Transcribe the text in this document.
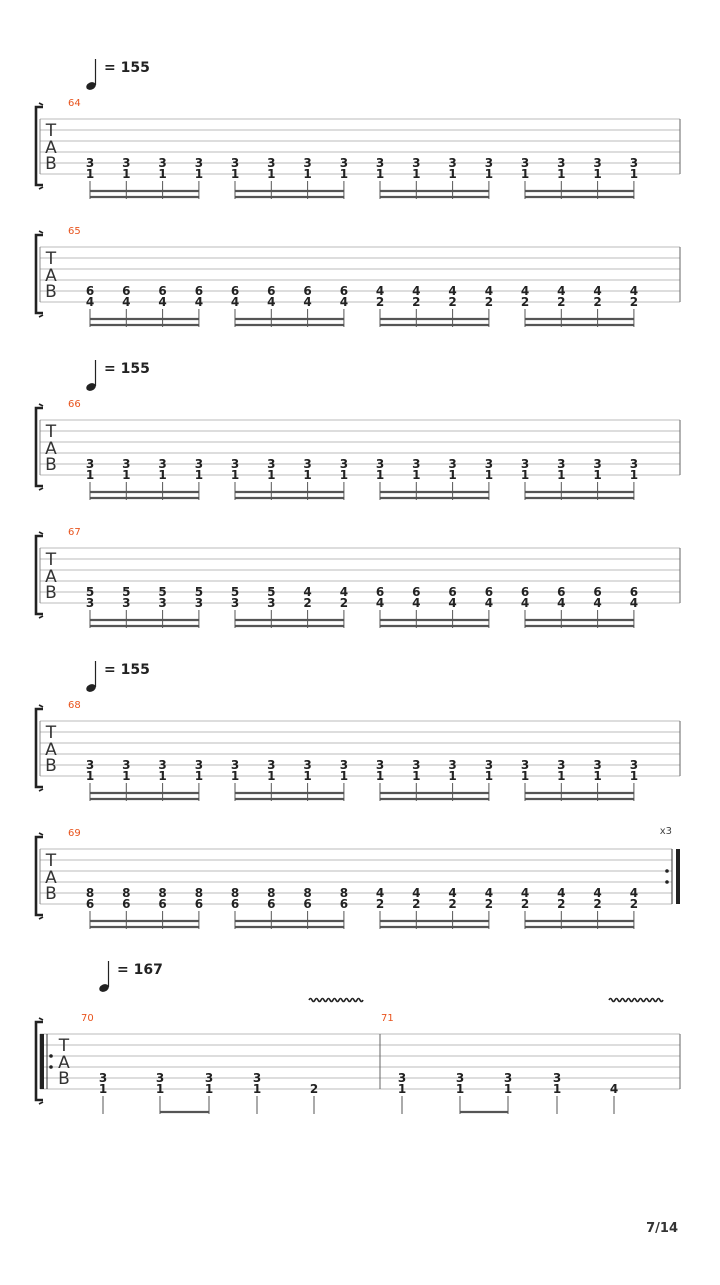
= 155
T
A
B
64
3
1
3
1
3
1
3
1
3
1
3
1
3
1
3
1
3
1
3
1
3
1
3
1
3
1
3
1
3
1
3
1
T
A
B
65
6
4
6
4
6
4
6
4
6
4
6
4
6
4
6
4
4
2
4
2
4
2
4
2
4
2
4
2
4
2
4
2
= 155
T
A
B
66
3
1
3
1
3
1
3
1
3
1
3
1
3
1
3
1
3
1
3
1
3
1
3
1
3
1
3
1
3
1
3
1
T
A
B
67
5
3
5
3
5
3
5
3
5
3
5
3
4
2
4
2
6
4
6
4
6
4
6
4
6
4
6
4
6
4
6
4
= 155
T
A
B
68
3
1
3
1
3
1
3
1
3
1
3
1
3
1
3
1
3
1
3
1
3
1
3
1
3
1
3
1
3
1
3
1
T
A
B
69
8
6
8
6
8
6
8
6
8
6
8
6
8
6
8
6
4
2
4
2
4
2
4
2
4
2
4
2
4
2
4
2
x3
= 167
T
A
B
70
3
1
3
1
3
1
3
1	2
71
3
1
3
1
3
1
3
1	4
7/14
